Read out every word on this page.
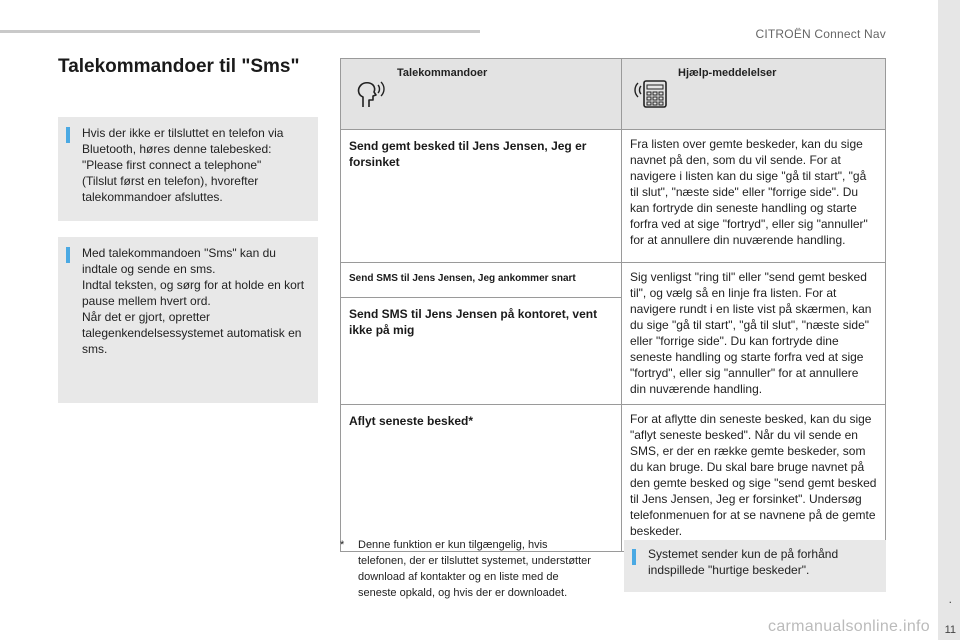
CITROËN Connect Nav
.
11
Talekommandoer til "Sms"
Hvis der ikke er tilsluttet en telefon via
Bluetooth, høres denne talebesked:
"Please first connect a telephone"
(Tilslut først en telefon), hvorefter
talekommandoer afsluttes.
Med talekommandoen "Sms" kan du
indtale og sende en sms.
Indtal teksten, og sørg for at holde en kort
pause mellem hvert ord.
Når det er gjort, opretter
talegenkendelsessystemet automatisk en
sms.
Talekommandoer	Hjælp-meddelelser

Send gemt besked til Jens Jensen, Jeg er forsinket	Fra listen over gemte beskeder, kan du sige navnet på den, som du vil sende. For at navigere i listen kan du sige "gå til start", "gå til slut", "næste side" eller "forrige side". Du kan fortryde din seneste handling og starte forfra ved at sige "fortryd", eller sig "annuller" for at annullere din nuværende handling.
Send SMS til Jens Jensen, Jeg ankommer snart	Sig venligst "ring til" eller "send gemt besked til", og vælg så en linje fra listen. For at navigere rundt i en liste vist på skærmen, kan du sige "gå til start", "gå til slut", "næste side" eller "forrige side". Du kan fortryde dine seneste handling og starte forfra ved at sige "fortryd", eller sig "annuller" for at annullere din nuværende handling.
Send SMS til Jens Jensen på kontoret, vent ikke på mig	
Aflyt seneste besked*	For at aflytte din seneste besked, kan du sige "aflyt seneste besked". Når du vil sende en SMS, er der en række gemte beskeder, som du kan bruge. Du skal bare bruge navnet på den gemte besked og sige "send gemt besked til Jens Jensen, Jeg er forsinket". Undersøg telefonmenuen for at se navnene på de gemte beskeder.
* Denne funktion er kun tilgængelig, hvis
telefonen, der er tilsluttet systemet, understøtter
download af kontakter og en liste med de
seneste opkald, og hvis der er downloadet.
Systemet sender kun de på forhånd
indspillede "hurtige beskeder".
carmanualsonline.info
